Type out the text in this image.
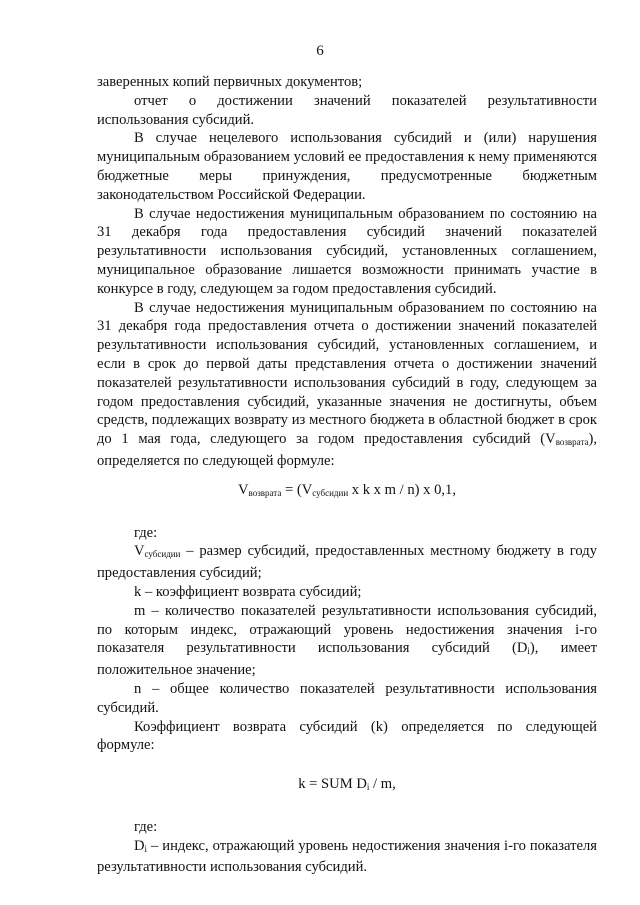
6

заверенных копий первичных документов;

отчет о достижении значений показателей результативности использования субсидий.

В случае нецелевого использования субсидий и (или) нарушения муниципальным образованием условий ее предоставления к нему применяются бюджетные меры принуждения, предусмотренные бюджетным законодательством Российской Федерации.

В случае недостижения муниципальным образованием по состоянию на 31 декабря года предоставления субсидий значений показателей результативности использования субсидий, установленных соглашением, муниципальное образование лишается возможности принимать участие в конкурсе в году, следующем за годом предоставления субсидий.

В случае недостижения муниципальным образованием по состоянию на 31 декабря года предоставления отчета о достижении значений показателей результативности использования субсидий, установленных соглашением, и если в срок до первой даты представления отчета о достижении значений показателей результативности использования субсидий в году, следующем за годом предоставления субсидий, указанные значения не достигнуты, объем средств, подлежащих возврату из местного бюджета в областной бюджет в срок до 1 мая года, следующего за годом предоставления субсидий $(V_{возврата})$, определяется по следующей формуле:

$V_{возврата} = (V_{субсидии}$ x k x m / n) x 0,1,

где:

$V_{субсидии}$ – размер субсидий, предоставленных местному бюджету в году предоставления субсидий;

k – коэффициент возврата субсидий;

m – количество показателей результативности использования субсидий, по которым индекс, отражающий уровень недостижения значения i-го показателя результативности использования субсидий $(D_i)$, имеет положительное значение;

n – общее количество показателей результативности использования субсидий.

Коэффициент возврата субсидий (k) определяется по следующей формуле:

k = SUM $D_i$ / m,

где:

$D_i$ – индекс, отражающий уровень недостижения значения i-го показателя результативности использования субсидий.
